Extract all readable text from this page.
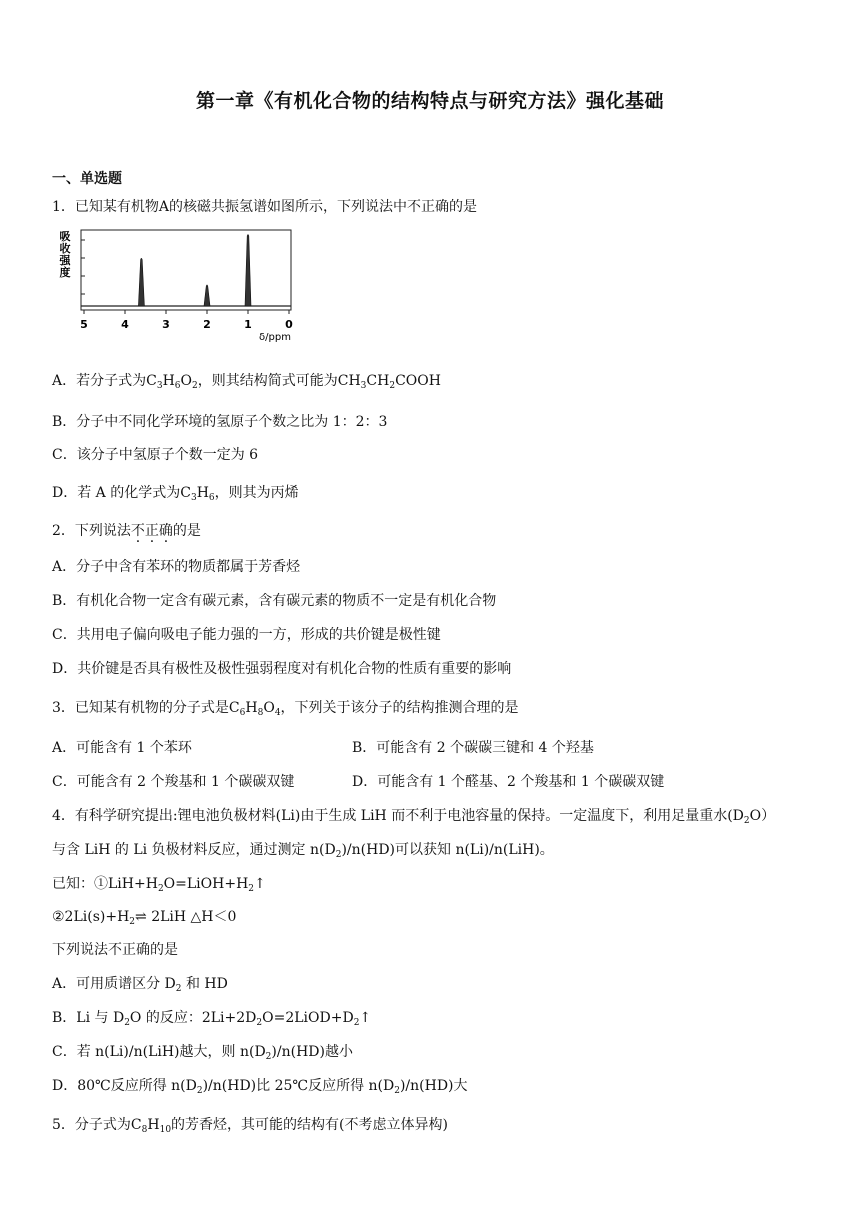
第一章《有机化合物的结构特点与研究方法》强化基础
一、单选题
1．已知某有机物A的核磁共振氢谱如图所示，下列说法中不正确的是
吸
收
强
度
5	4	3	2	1	0
δ/ppm
A．若分子式为$C_3H_6O_2$，则其结构简式可能为$CH_3CH_2COOH$
B．分子中不同化学环境的氢原子个数之比为 1：2：3
C．该分子中氢原子个数一定为 6
D．若 A 的化学式为$C_3H_6$，则其为丙烯
2．下列说法不正确的是
A．分子中含有苯环的物质都属于芳香烃
B．有机化合物一定含有碳元素，含有碳元素的物质不一定是有机化合物
C．共用电子偏向吸电子能力强的一方，形成的共价键是极性键
D．共价键是否具有极性及极性强弱程度对有机化合物的性质有重要的影响
3．已知某有机物的分子式是$C_6H_8O_4$，下列关于该分子的结构推测合理的是
A．可能含有 1 个苯环	B．可能含有 2 个碳碳三键和 4 个羟基
C．可能含有 2 个羧基和 1 个碳碳双键	D．可能含有 1 个醛基、2 个羧基和 1 个碳碳双键
4．有科学研究提出:锂电池负极材料(Li)由于生成 LiH 而不利于电池容量的保持。一定温度下，利用足量重水$(D_2O)$
与含 LiH 的 Li 负极材料反应，通过测定 $n(D_2)/n(HD)$可以获知 n(Li)/n(LiH)。
已知：$①LiH+H_2O=LiOH+H_2↑$
$②2Li(s)+H_2\rightleftharpoons$ 2LiH △H＜0
下列说法不正确的是
A．可用质谱区分 $D_2$ 和 HD
B．Li 与 $D_2O$ 的反应：$2Li+2D_2O=2LiOD+D_2↑$
C．若 n(Li)/n(LiH)越大，则 $n(D_2)/n(HD)$越小
D．80℃反应所得 $n(D_2)/n(HD)$比 25℃反应所得 $n(D_2)/n(HD)$大
5．分子式为$C_8H_{10}$的芳香烃，其可能的结构有(不考虑立体异构)
